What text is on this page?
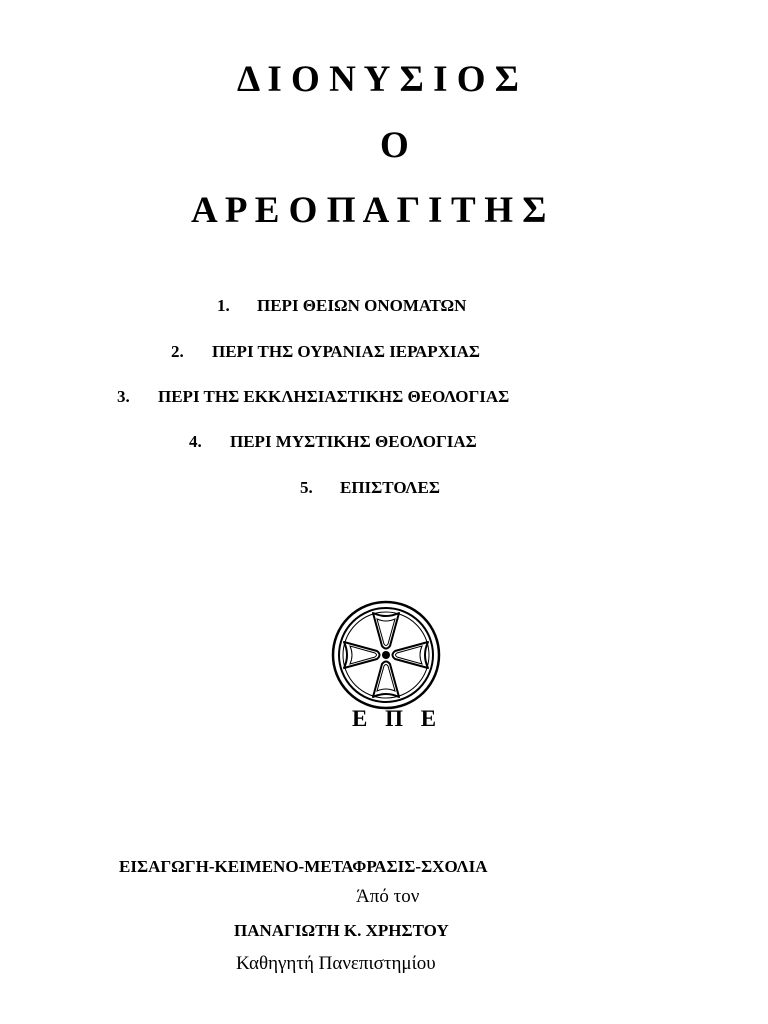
Δ Ι Ο Ν Υ Σ Ι Ο Σ
Ο
Α Ρ Ε Ο Π Α Γ Ι Τ Η Σ
1. ΠΕΡΙ ΘΕΙΩΝ ΟΝΟΜΑΤΩΝ
2. ΠΕΡΙ ΤΗΣ ΟΥΡΑΝΙΑΣ ΙΕΡΑΡΧΙΑΣ
3. ΠΕΡΙ ΤΗΣ ΕΚΚΛΗΣΙΑΣΤΙΚΗΣ ΘΕΟΛΟΓΙΑΣ
4. ΠΕΡΙ ΜΥΣΤΙΚΗΣ ΘΕΟΛΟΓΙΑΣ
5. ΕΠΙΣΤΟΛΕΣ
Ε Π Ε
ΕΙΣΑΓΩΓΗ-ΚΕΙΜΕΝΟ-ΜΕΤΑΦΡΑΣΙΣ-ΣΧΟΛΙΑ
Άπό τον
ΠΑΝΑΓΙΩΤΗ Κ. ΧΡΗΣΤΟΥ
Καθηγητή Πανεπιστημίου
